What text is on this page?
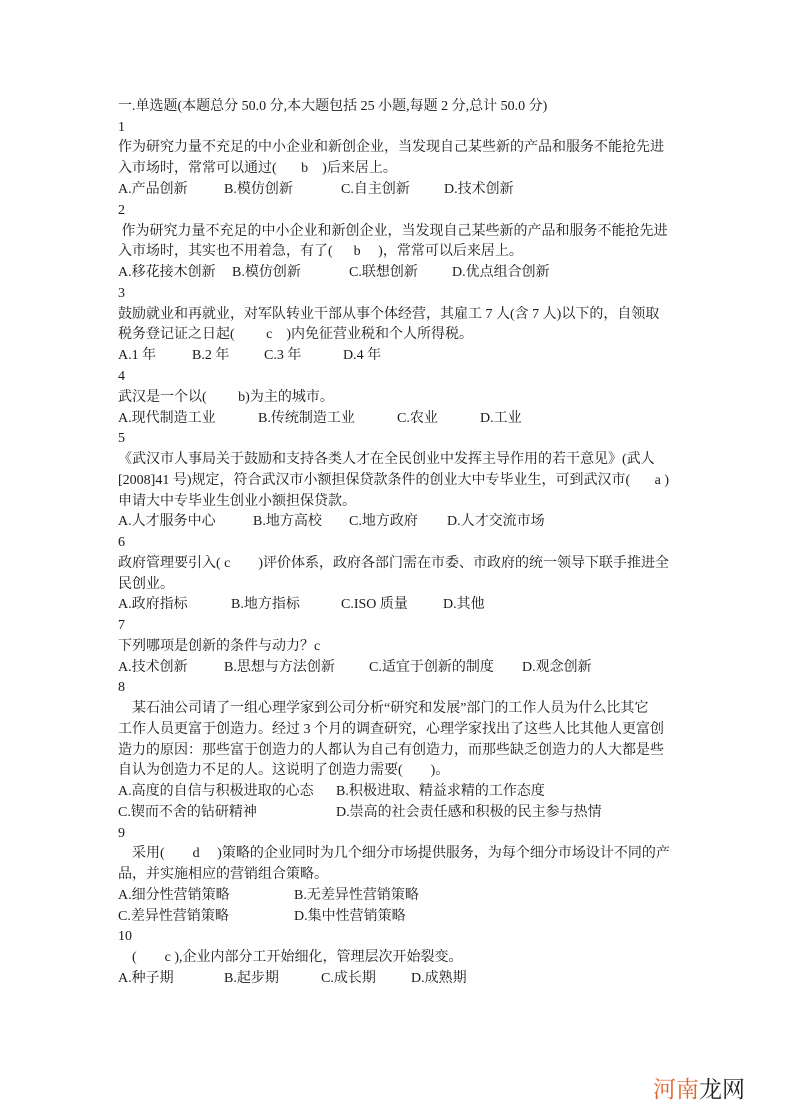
一.单选题(本题总分 50.0 分,本大题包括 25 小题,每题 2 分,总计 50.0 分)
1
作为研究力量不充足的中小企业和新创企业，当发现自己某些新的产品和服务不能抢先进
入市场时，常常可以通过(       b    )后来居上。

A.产品创新

	B.模仿创新

	C.自主创新

D.技术创新

2
作为研究力量不充足的中小企业和新创企业，当发现自己某些新的产品和服务不能抢先进
入市场时，其实也不用着急，有了(      b     )，常常可以后来居上。

A.移花接木创新

B.模仿创新

	C.联想创新

D.优点组合创新

3
鼓励就业和再就业，对军队转业干部从事个体经营，其雇工 7 人(含 7 人)以下的，自领取
税务登记证之日起(         c    )内免征营业税和个人所得税。

A.1 年

	B.2 年

C.3 年

	D.4 年

4
武汉是一个以(         b)为主的城市。

A.现代制造工业

	B.传统制造工业

	C.农业

	D.工业

5
《武汉市人事局关于鼓励和支持各类人才在全民创业中发挥主导作用的若干意见》(武人
[2008]41 号)规定，符合武汉市小额担保贷款条件的创业大中专毕业生，可到武汉市(       a )
申请大中专毕业生创业小额担保贷款。

A.人才服务中心

	B.地方高校

C.地方政府

D.人才交流市场

6
政府管理要引入( c        )评价体系，政府各部门需在市委、市政府的统一领导下联手推进全
民创业。

A.政府指标

	B.地方指标

	C.ISO 质量

	D.其他

7
下列哪项是创新的条件与动力？c

A.技术创新

	B.思想与方法创新

C.适宜于创新的制度

D.观念创新

8
某石油公司请了一组心理学家到公司分析“研究和发展”部门的工作人员为什么比其它
工作人员更富于创造力。经过 3 个月的调查研究，心理学家找出了这些人比其他人更富创
造力的原因：那些富于创造力的人都认为自己有创造力，而那些缺乏创造力的人大都是些
自认为创造力不足的人。这说明了创造力需要(        )。

A.高度的自信与积极进取的心态

B.积极进取、精益求精的工作态度

C.锲而不舍的钻研精神

	D.崇高的社会责任感和积极的民主参与热情

9
采用(        d     )策略的企业同时为几个细分市场提供服务，为每个细分市场设计不同的产
品，并实施相应的营销组合策略。

A.细分性营销策略

	B.无差异性营销策略

C.差异性营销策略

	D.集中性营销策略

10
(        c ),企业内部分工开始细化，管理层次开始裂变。

A.种子期

	B.起步期

	C.成长期

	D.成熟期

河南龙网
